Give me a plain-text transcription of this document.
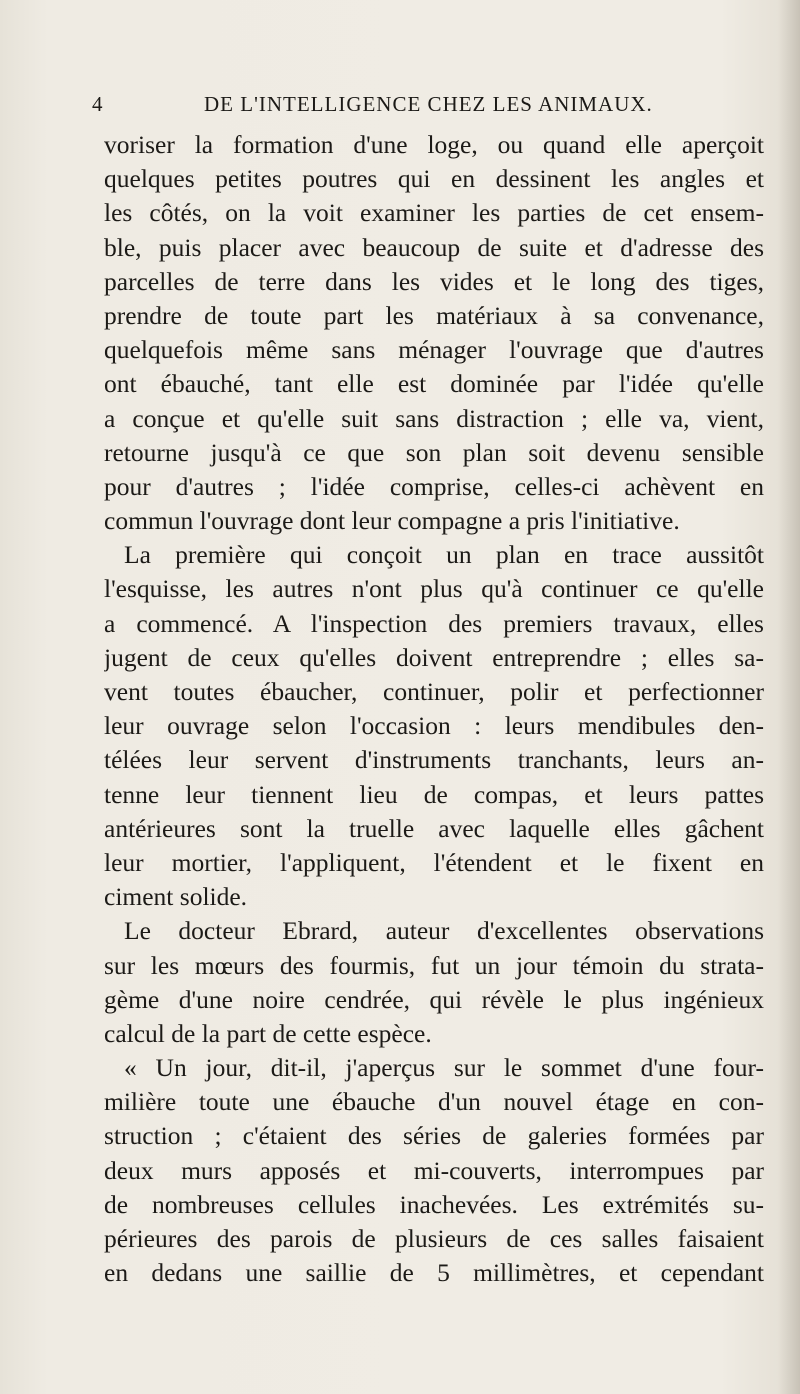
4	DE L'INTELLIGENCE CHEZ LES ANIMAUX.
voriser la formation d'une loge, ou quand elle aperçoit
quelques petites poutres qui en dessinent les angles et
les côtés, on la voit examiner les parties de cet ensem-
ble, puis placer avec beaucoup de suite et d'adresse des
parcelles de terre dans les vides et le long des tiges,
prendre de toute part les matériaux à sa convenance,
quelquefois même sans ménager l'ouvrage que d'autres
ont ébauché, tant elle est dominée par l'idée qu'elle
a conçue et qu'elle suit sans distraction ; elle va, vient,
retourne jusqu'à ce que son plan soit devenu sensible
pour d'autres ; l'idée comprise, celles-ci achèvent en
commun l'ouvrage dont leur compagne a pris l'initiative.
La première qui conçoit un plan en trace aussitôt
l'esquisse, les autres n'ont plus qu'à continuer ce qu'elle
a commencé. A l'inspection des premiers travaux, elles
jugent de ceux qu'elles doivent entreprendre ; elles sa-
vent toutes ébaucher, continuer, polir et perfectionner
leur ouvrage selon l'occasion : leurs mendibules den-
télées leur servent d'instruments tranchants, leurs an-
tenne leur tiennent lieu de compas, et leurs pattes
antérieures sont la truelle avec laquelle elles gâchent
leur mortier, l'appliquent, l'étendent et le fixent en
ciment solide.
Le docteur Ebrard, auteur d'excellentes observations
sur les mœurs des fourmis, fut un jour témoin du strata-
gème d'une noire cendrée, qui révèle le plus ingénieux
calcul de la part de cette espèce.
« Un jour, dit-il, j'aperçus sur le sommet d'une four-
milière toute une ébauche d'un nouvel étage en con-
struction ; c'étaient des séries de galeries formées par
deux murs apposés et mi-couverts, interrompues par
de nombreuses cellules inachevées. Les extrémités su-
périeures des parois de plusieurs de ces salles faisaient
en dedans une saillie de 5 millimètres, et cependant
